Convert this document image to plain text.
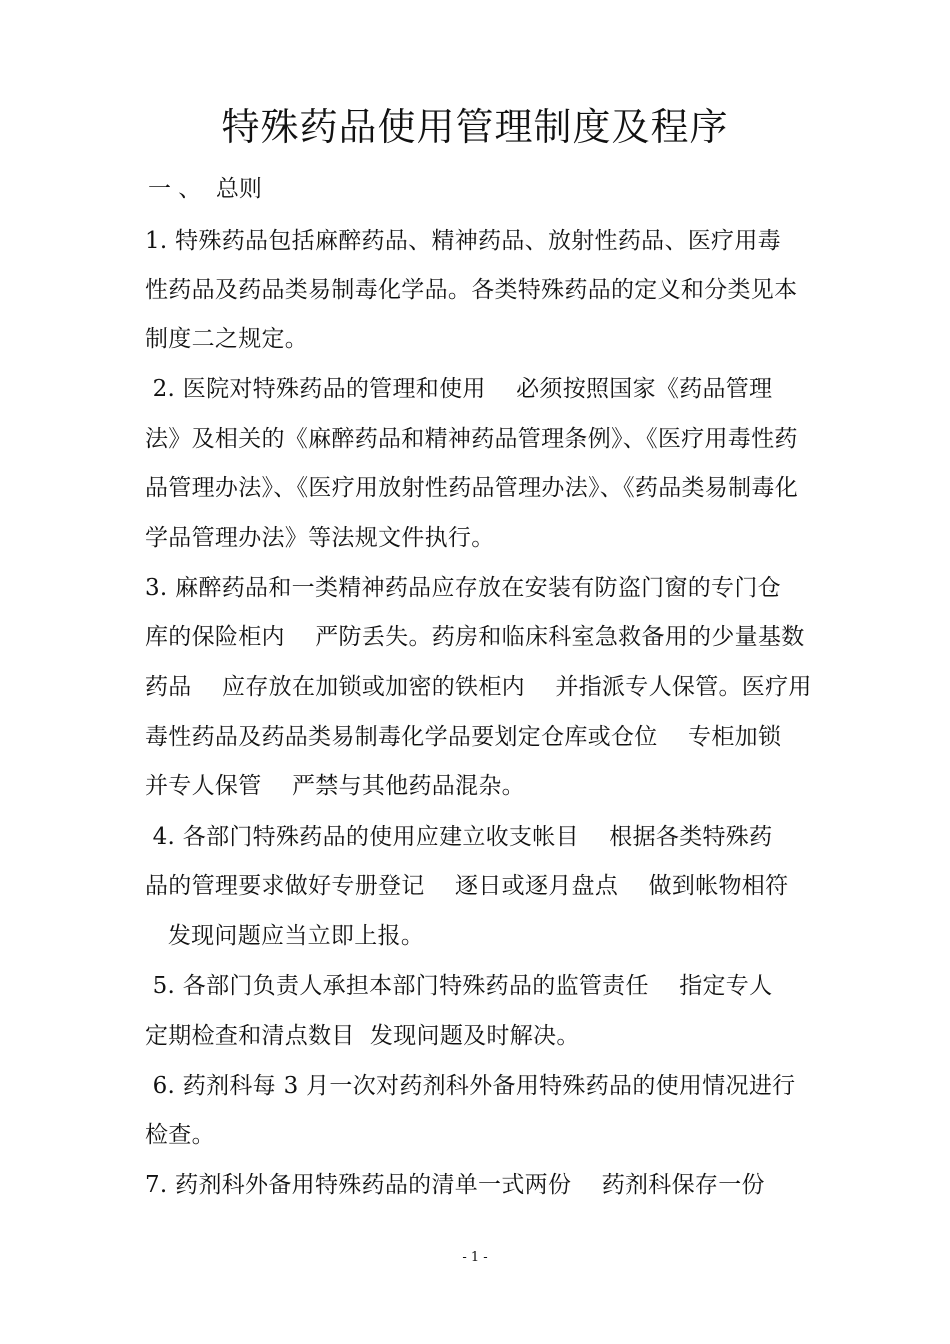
特殊药品使用管理制度及程序
一 、  总则
1. 特殊药品包括麻醉药品、精神药品、放射性药品、医疗用毒
性药品及药品类易制毒化学品。各类特殊药品的定义和分类见本
制度二之规定。
2. 医院对特殊药品的管理和使用    必须按照国家《药品管理
法》及相关的《麻醉药品和精神药品管理条例》、《医疗用毒性药
品管理办法》、《医疗用放射性药品管理办法》、《药品类易制毒化
学品管理办法》等法规文件执行。
3. 麻醉药品和一类精神药品应存放在安装有防盗门窗的专门仓
库的保险柜内    严防丢失。药房和临床科室急救备用的少量基数
药品    应存放在加锁或加密的铁柜内    并指派专人保管。医疗用
毒性药品及药品类易制毒化学品要划定仓库或仓位    专柜加锁
并专人保管    严禁与其他药品混杂。
4. 各部门特殊药品的使用应建立收支帐目    根据各类特殊药
品的管理要求做好专册登记    逐日或逐月盘点    做到帐物相符
发现问题应当立即上报。
5. 各部门负责人承担本部门特殊药品的监管责任    指定专人
定期检查和清点数目  发现问题及时解决。
6. 药剂科每 3 月一次对药剂科外备用特殊药品的使用情况进行
检查。
7. 药剂科外备用特殊药品的清单一式两份    药剂科保存一份
- 1 -
